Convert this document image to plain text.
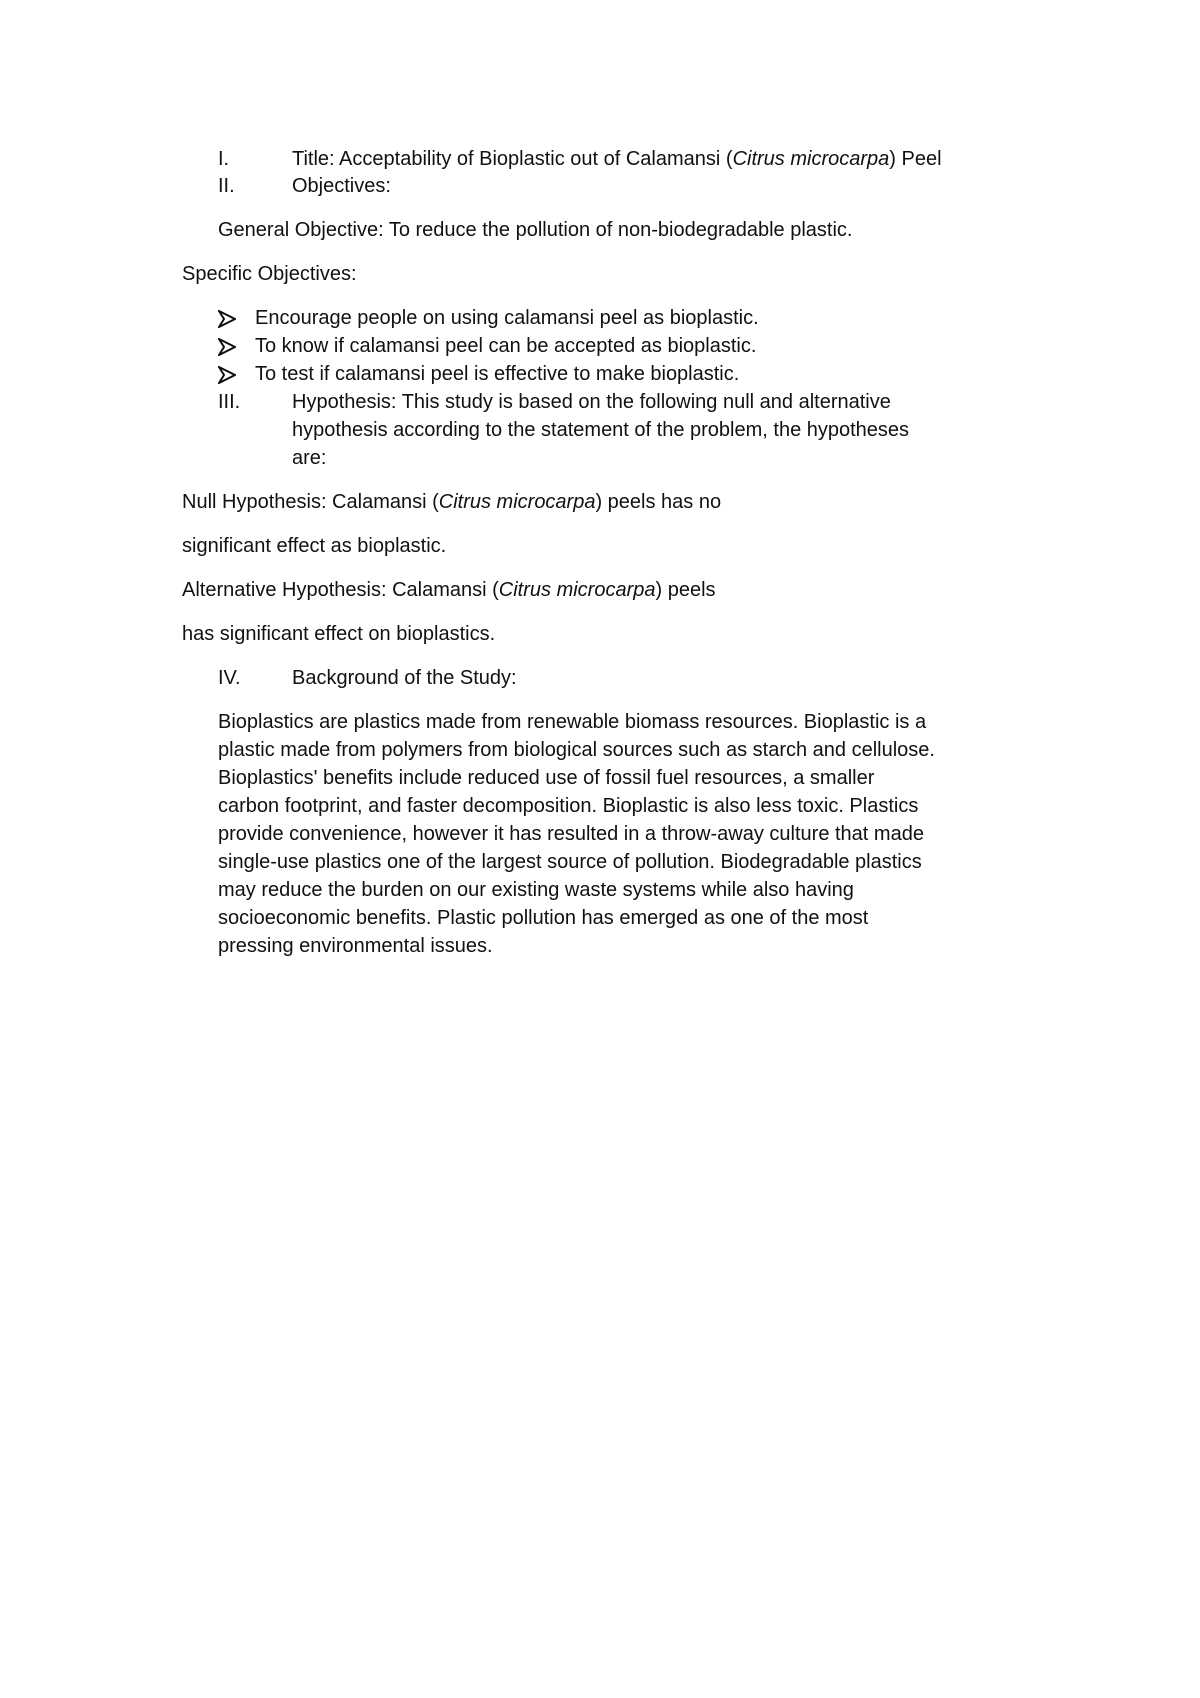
I.	Title: Acceptability of Bioplastic out of Calamansi (Citrus microcarpa) Peel
II.	Objectives:
General Objective: To reduce the pollution of non-biodegradable plastic.
Specific Objectives:
Encourage people on using calamansi peel as bioplastic.
To know if calamansi peel can be accepted as bioplastic.
To test if calamansi peel is effective to make bioplastic.
III.	Hypothesis: This study is based on the following null and alternative
hypothesis according to the statement of the problem, the hypotheses
are:
Null Hypothesis: Calamansi (Citrus microcarpa) peels has no
significant effect as bioplastic.
Alternative Hypothesis: Calamansi (Citrus microcarpa) peels
has significant effect on bioplastics.
IV.	Background of the Study:
Bioplastics are plastics made from renewable biomass resources. Bioplastic is a
plastic made from polymers from biological sources such as starch and cellulose.
Bioplastics' benefits include reduced use of fossil fuel resources, a smaller
carbon footprint, and faster decomposition. Bioplastic is also less toxic. Plastics
provide convenience, however it has resulted in a throw-away culture that made
single-use plastics one of the largest source of pollution. Biodegradable plastics
may reduce the burden on our existing waste systems while also having
socioeconomic benefits. Plastic pollution has emerged as one of the most
pressing environmental issues.
